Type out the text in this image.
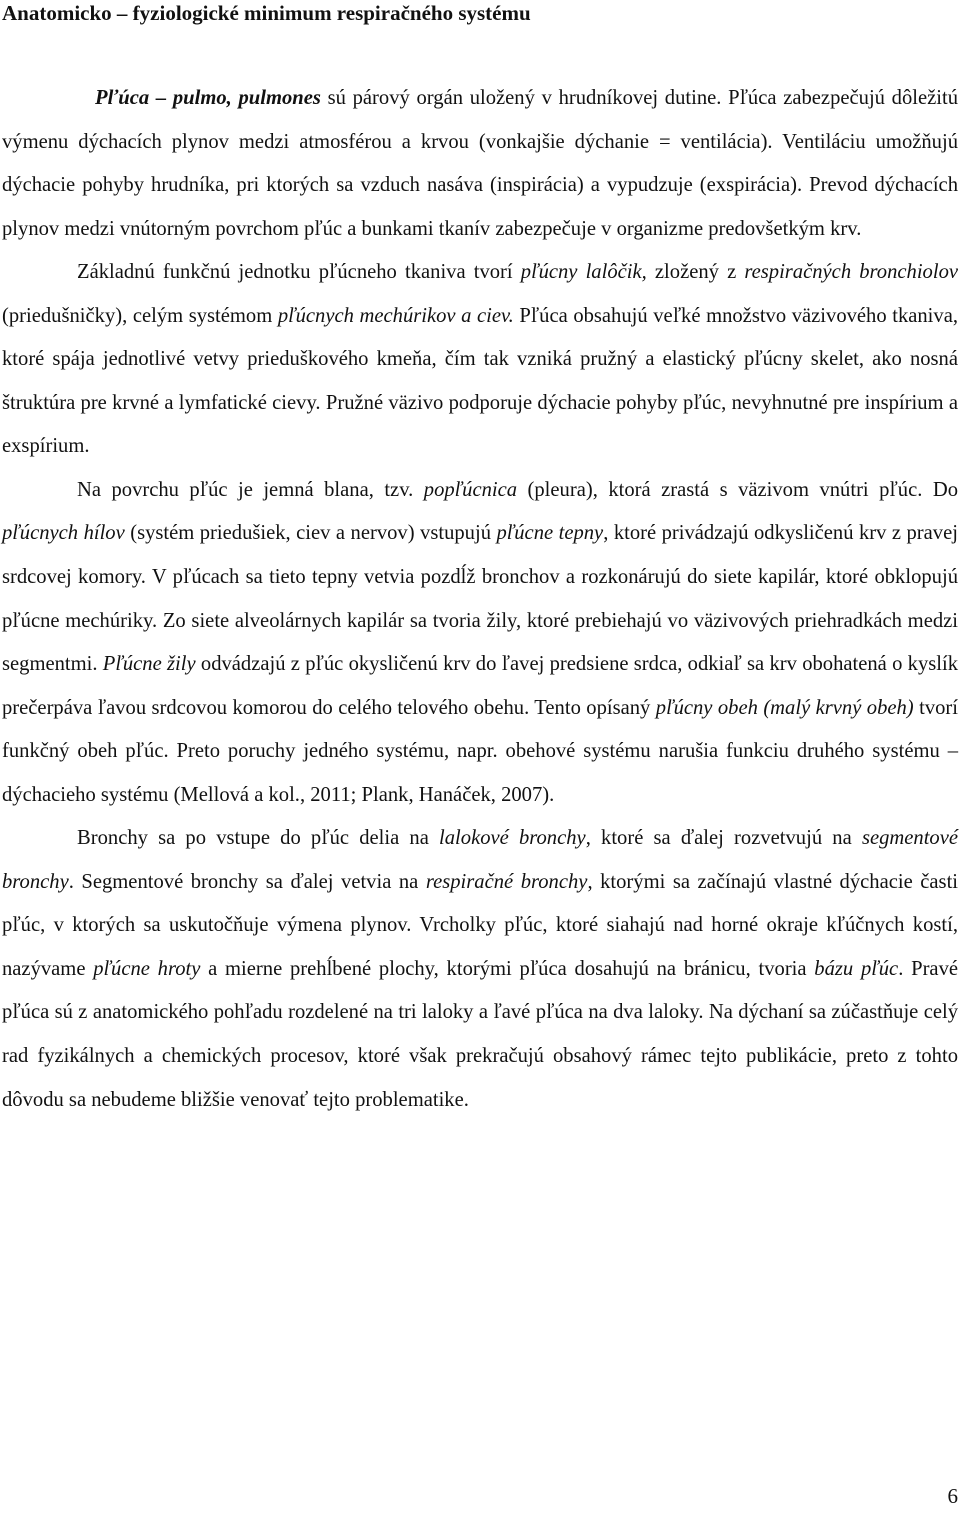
Anatomicko – fyziologické minimum respiračného systému

Pľúca – pulmo, pulmones sú párový orgán uložený v hrudníkovej dutine. Pľúca zabezpečujú dôležitú výmenu dýchacích plynov medzi atmosférou a krvou (vonkajšie dýchanie = ventilácia). Ventiláciu umožňujú dýchacie pohyby hrudníka, pri ktorých sa vzduch nasáva (inspirácia) a vypudzuje (exspirácia). Prevod dýchacích plynov medzi vnútorným povrchom pľúc a bunkami tkanív zabezpečuje v organizme predovšetkým krv.

Základnú funkčnú jednotku pľúcneho tkaniva tvorí pľúcny lalôčik, zložený z respiračných bronchiolov (priedušničky), celým systémom pľúcnych mechúrikov a ciev. Pľúca obsahujú veľké množstvo väzivového tkaniva, ktoré spája jednotlivé vetvy prieduškového kmeňa, čím tak vzniká pružný a elastický pľúcny skelet, ako nosná štruktúra pre krvné a lymfatické cievy. Pružné väzivo podporuje dýchacie pohyby pľúc, nevyhnutné pre inspírium a exspírium.

Na povrchu pľúc je jemná blana, tzv. popľúcnica (pleura), ktorá zrastá s väzivom vnútri pľúc. Do pľúcnych hílov (systém priedušiek, ciev a nervov) vstupujú pľúcne tepny, ktoré privádzajú odkysličenú krv z pravej srdcovej komory. V pľúcach sa tieto tepny vetvia pozdĺž bronchov a rozkonárujú do siete kapilár, ktoré obklopujú pľúcne mechúriky. Zo siete alveolárnych kapilár sa tvoria žily, ktoré prebiehajú vo väzivových priehradkách medzi segmentmi. Pľúcne žily odvádzajú z pľúc okysličenú krv do ľavej predsiene srdca, odkiaľ sa krv obohatená o kyslík prečerpáva ľavou srdcovou komorou do celého telového obehu. Tento opísaný pľúcny obeh (malý krvný obeh) tvorí funkčný obeh pľúc. Preto poruchy jedného systému, napr. obehové systému narušia funkciu druhého systému – dýchacieho systému (Mellová a kol., 2011; Plank, Hanáček, 2007).

Bronchy sa po vstupe do pľúc delia na lalokové bronchy, ktoré sa ďalej rozvetvujú na segmentové bronchy. Segmentové bronchy sa ďalej vetvia na respiračné bronchy, ktorými sa začínajú vlastné dýchacie časti pľúc, v ktorých sa uskutočňuje výmena plynov. Vrcholky pľúc, ktoré siahajú nad horné okraje kľúčnych kostí, nazývame pľúcne hroty a mierne prehĺbené plochy, ktorými pľúca dosahujú na bránicu, tvoria bázu pľúc. Pravé pľúca sú z anatomického pohľadu rozdelené na tri laloky a ľavé pľúca na dva laloky. Na dýchaní sa zúčastňuje celý rad fyzikálnych a chemických procesov, ktoré však prekračujú obsahový rámec tejto publikácie, preto z tohto dôvodu sa nebudeme bližšie venovať tejto problematike.

6
